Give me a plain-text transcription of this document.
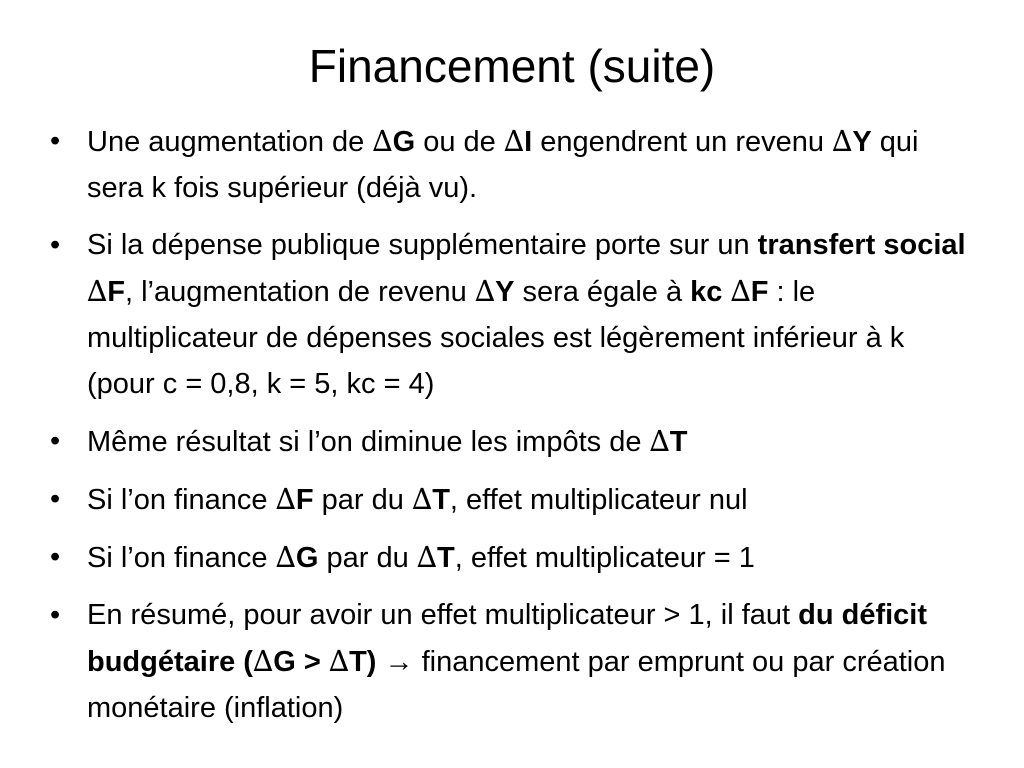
Financement (suite)
• Une augmentation de ∆G ou de ∆I engendrent un revenu ∆Y qui sera k fois supérieur (déjà vu).
• Si la dépense publique supplémentaire porte sur un transfert social ∆F, l’augmentation de revenu ∆Y sera égale à kc ∆F : le multiplicateur de dépenses sociales est légèrement inférieur à k (pour c = 0,8, k = 5, kc = 4)
• Même résultat si l’on diminue les impôts de ∆T
• Si l’on finance ∆F par du ∆T, effet multiplicateur nul
• Si l’on finance ∆G par du ∆T, effet multiplicateur = 1
• En résumé, pour avoir un effet multiplicateur > 1, il faut du déficit budgétaire (∆G > ∆T) → financement par emprunt ou par création monétaire (inflation)
